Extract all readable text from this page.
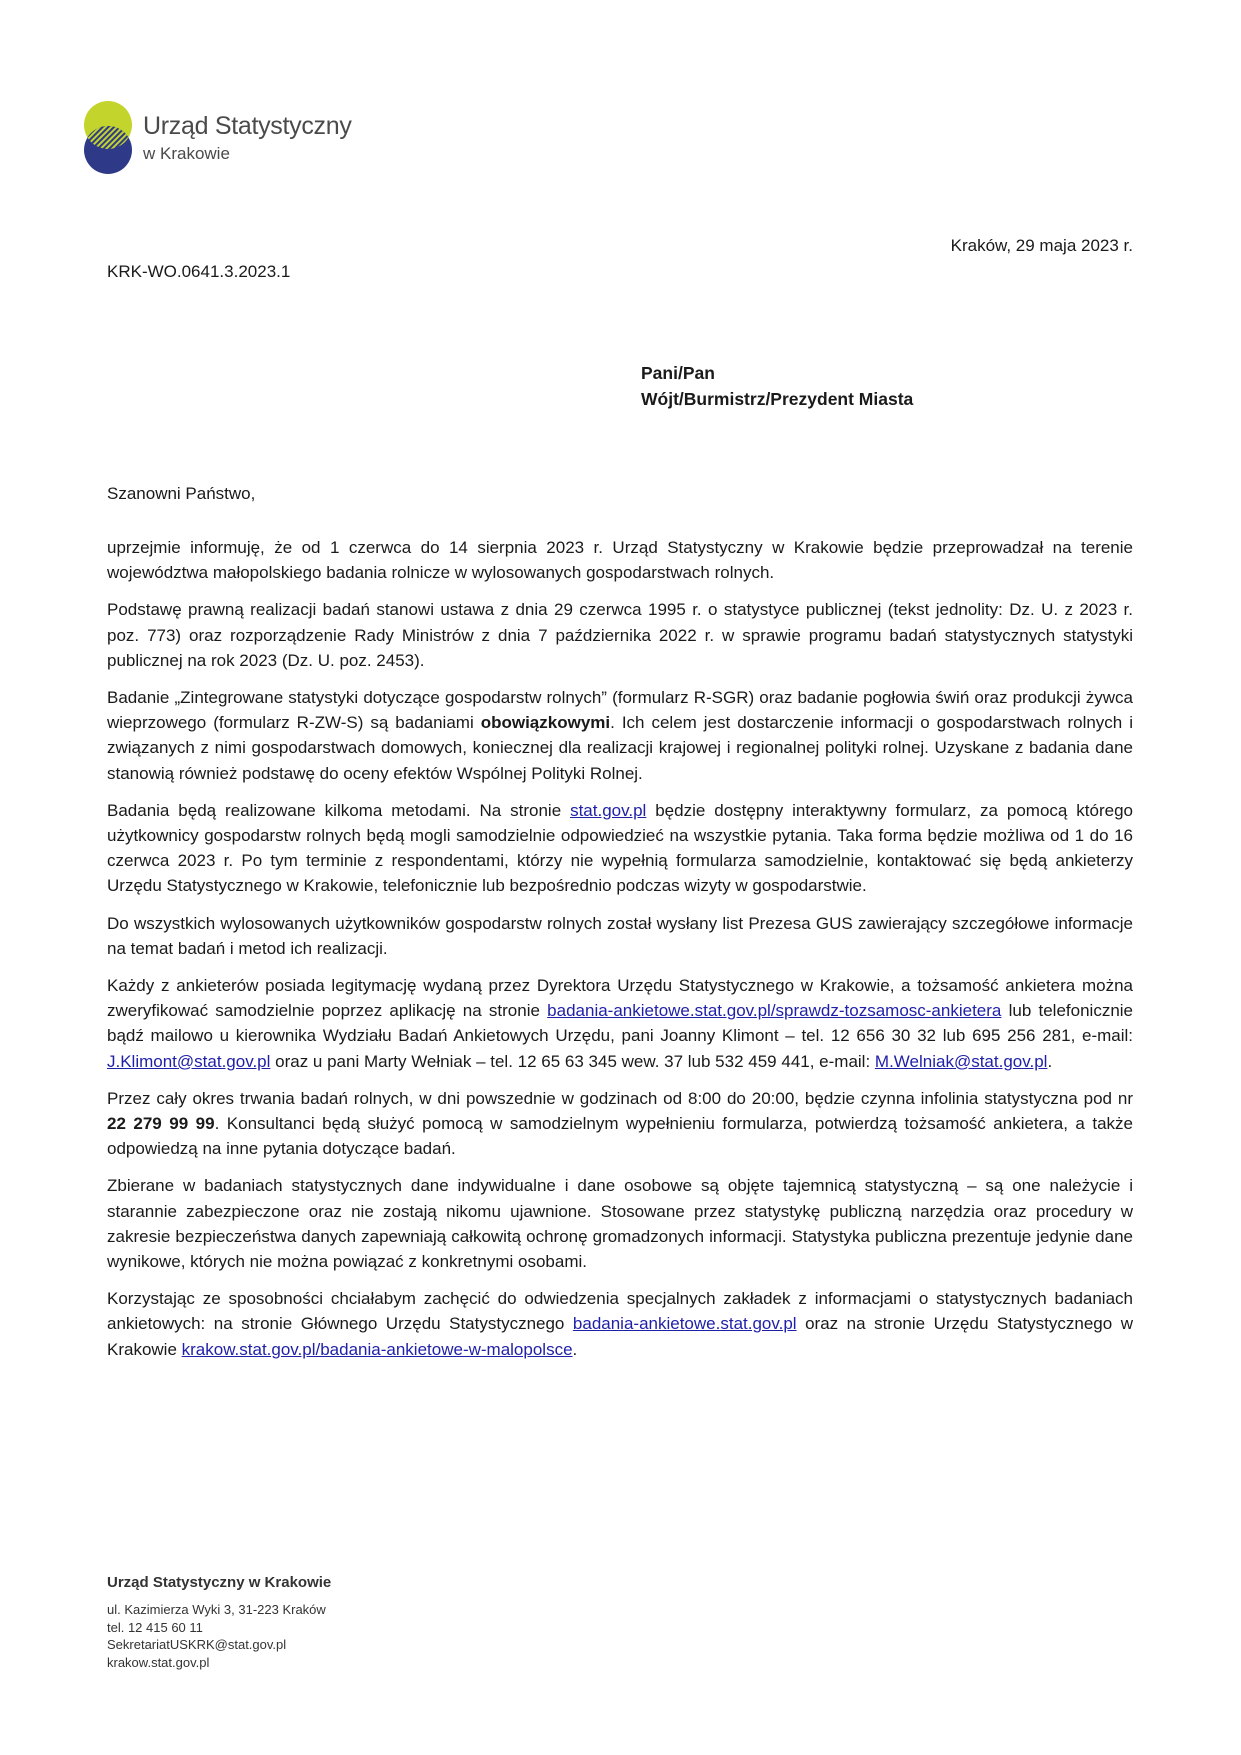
Urząd Statystyczny
w Krakowie
KRK-WO.0641.3.2023.1
Kraków, 29 maja 2023 r.
Pani/Pan
Wójt/Burmistrz/Prezydent Miasta
Szanowni Państwo,

uprzejmie informuję, że od 1 czerwca do 14 sierpnia 2023 r. Urząd Statystyczny w Krakowie będzie przeprowadzał na terenie województwa małopolskiego badania rolnicze w wylosowanych gospodarstwach rolnych.

Podstawę prawną realizacji badań stanowi ustawa z dnia 29 czerwca 1995 r. o statystyce publicznej (tekst jednolity: Dz. U. z 2023 r. poz. 773) oraz rozporządzenie Rady Ministrów z dnia 7 października 2022 r. w sprawie programu badań statystycznych statystyki publicznej na rok 2023 (Dz. U. poz. 2453).

Badanie „Zintegrowane statystyki dotyczące gospodarstw rolnych” (formularz R-SGR) oraz badanie pogłowia świń oraz produkcji żywca wieprzowego (formularz R-ZW-S) są badaniami obowiązkowymi. Ich celem jest dostarczenie informacji o gospodarstwach rolnych i związanych z nimi gospodarstwach domowych, koniecznej dla realizacji krajowej i regionalnej polityki rolnej. Uzyskane z badania dane stanowią również podstawę do oceny efektów Wspólnej Polityki Rolnej.

Badania będą realizowane kilkoma metodami. Na stronie stat.gov.pl będzie dostępny interaktywny formularz, za pomocą którego użytkownicy gospodarstw rolnych będą mogli samodzielnie odpowiedzieć na wszystkie pytania. Taka forma będzie możliwa od 1 do 16 czerwca 2023 r. Po tym terminie z respondentami, którzy nie wypełnią formularza samodzielnie, kontaktować się będą ankieterzy Urzędu Statystycznego w Krakowie, telefonicznie lub bezpośrednio podczas wizyty w gospodarstwie.

Do wszystkich wylosowanych użytkowników gospodarstw rolnych został wysłany list Prezesa GUS zawierający szczegółowe informacje na temat badań i metod ich realizacji.

Każdy z ankieterów posiada legitymację wydaną przez Dyrektora Urzędu Statystycznego w Krakowie, a tożsamość ankietera można zweryfikować samodzielnie poprzez aplikację na stronie badania-ankietowe.stat.gov.pl/sprawdz-tozsamosc-ankietera lub telefonicznie bądź mailowo u kierownika Wydziału Badań Ankietowych Urzędu, pani Joanny Klimont – tel. 12 656 30 32 lub 695 256 281, e-mail: J.Klimont@stat.gov.pl oraz u pani Marty Wełniak – tel. 12 65 63 345 wew. 37 lub 532 459 441, e-mail: M.Welniak@stat.gov.pl.

Przez cały okres trwania badań rolnych, w dni powszednie w godzinach od 8:00 do 20:00, będzie czynna infolinia statystyczna pod nr 22 279 99 99. Konsultanci będą służyć pomocą w samodzielnym wypełnieniu formularza, potwierdzą tożsamość ankietera, a także odpowiedzą na inne pytania dotyczące badań.

Zbierane w badaniach statystycznych dane indywidualne i dane osobowe są objęte tajemnicą statystyczną – są one należycie i starannie zabezpieczone oraz nie zostają nikomu ujawnione. Stosowane przez statystykę publiczną narzędzia oraz procedury w zakresie bezpieczeństwa danych zapewniają całkowitą ochronę gromadzonych informacji. Statystyka publiczna prezentuje jedynie dane wynikowe, których nie można powiązać z konkretnymi osobami.

Korzystając ze sposobności chciałabym zachęcić do odwiedzenia specjalnych zakładek z informacjami o statystycznych badaniach ankietowych: na stronie Głównego Urzędu Statystycznego badania-ankietowe.stat.gov.pl oraz na stronie Urzędu Statystycznego w Krakowie krakow.stat.gov.pl/badania-ankietowe-w-malopolsce.

Urząd Statystyczny w Krakowie
ul. Kazimierza Wyki 3, 31-223 Kraków
tel. 12 415 60 11
SekretariatUSKRK@stat.gov.pl
krakow.stat.gov.pl
